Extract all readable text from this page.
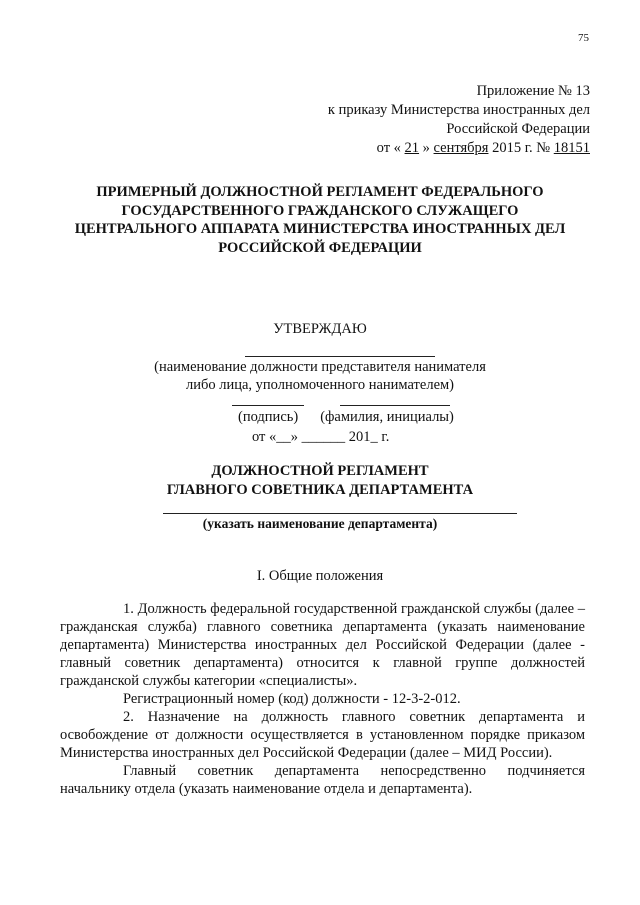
75
Приложение № 13
к приказу Министерства иностранных дел
Российской Федерации
от « 21 » сентября 2015 г. № 18151
ПРИМЕРНЫЙ ДОЛЖНОСТНОЙ РЕГЛАМЕНТ ФЕДЕРАЛЬНОГО ГОСУДАРСТВЕННОГО ГРАЖДАНСКОГО СЛУЖАЩЕГО ЦЕНТРАЛЬНОГО АППАРАТА МИНИСТЕРСТВА ИНОСТРАННЫХ ДЕЛ РОССИЙСКОЙ ФЕДЕРАЦИИ
УТВЕРЖДАЮ
(наименование должности представителя нанимателя
либо лица, уполномоченного нанимателем)
(подпись) (фамилия, инициалы)
от «__» ______ 201_ г.
ДОЛЖНОСТНОЙ РЕГЛАМЕНТ
ГЛАВНОГО СОВЕТНИКА ДЕПАРТАМЕНТА
(указать наименование департамента)
I. Общие положения

1. Должность федеральной государственной гражданской службы (далее – гражданская служба) главного советника департамента (указать наименование департамента) Министерства иностранных дел Российской Федерации (далее - главный советник департамента) относится к главной группе должностей гражданской службы категории «специалисты».

Регистрационный номер (код) должности - 12-3-2-012.

2. Назначение на должность главного советник департамента и освобождение от должности осуществляется в установленном порядке приказом Министерства иностранных дел Российской Федерации (далее – МИД России).

Главный советник департамента непосредственно подчиняется начальнику отдела (указать наименование отдела и департамента).
